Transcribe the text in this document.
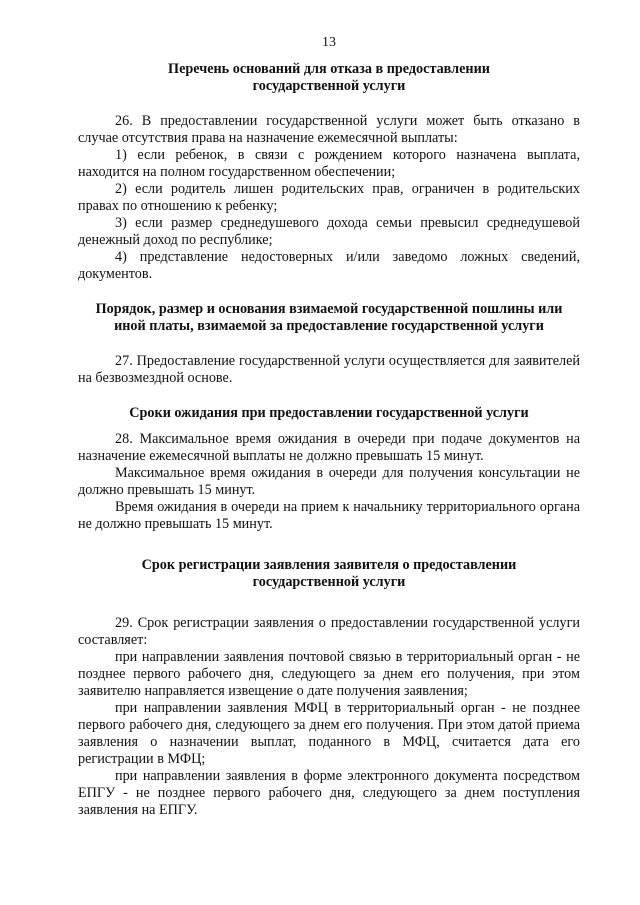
13
Перечень оснований для отказа в предоставлении
государственной услуги

26. В предоставлении государственной услуги может быть отказано в случае отсутствия права на назначение ежемесячной выплаты:

1) если ребенок, в связи с рождением которого назначена выплата, находится на полном государственном обеспечении;

2) если родитель лишен родительских прав, ограничен в родительских правах по отношению к ребенку;

3) если размер среднедушевого дохода семьи превысил среднедушевой денежный доход по республике;

4) представление недостоверных и/или заведомо ложных сведений, документов.

Порядок, размер и основания взимаемой государственной пошлины или
иной платы, взимаемой за предоставление государственной услуги

27. Предоставление государственной услуги осуществляется для заявителей на безвозмездной основе.

Сроки ожидания при предоставлении государственной услуги

28. Максимальное время ожидания в очереди при подаче документов на назначение ежемесячной выплаты не должно превышать 15 минут.

Максимальное время ожидания в очереди для получения консультации не должно превышать 15 минут.

Время ожидания в очереди на прием к начальнику территориального органа не должно превышать 15 минут.

Срок регистрации заявления заявителя о предоставлении
государственной услуги

29. Срок регистрации заявления о предоставлении государственной услуги составляет:

при направлении заявления почтовой связью в территориальный орган - не позднее первого рабочего дня, следующего за днем его получения, при этом заявителю направляется извещение о дате получения заявления;

при направлении заявления МФЦ в территориальный орган - не позднее первого рабочего дня, следующего за днем его получения. При этом датой приема заявления о назначении выплат, поданного в МФЦ, считается дата его регистрации в МФЦ;

при направлении заявления в форме электронного документа посредством ЕПГУ - не позднее первого рабочего дня, следующего за днем поступления заявления на ЕПГУ.
